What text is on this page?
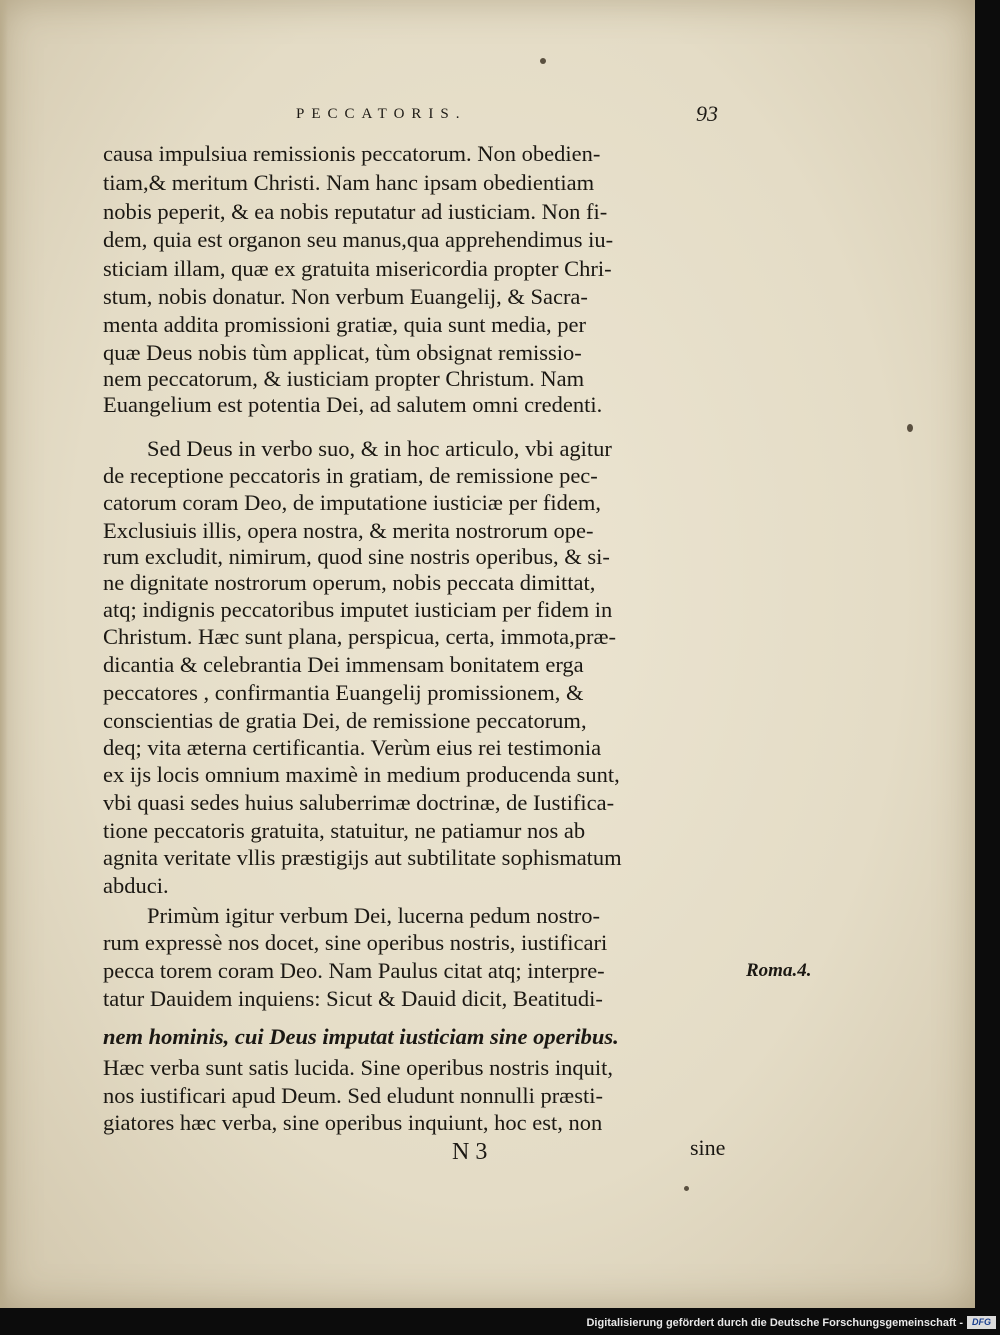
PECCATORIS.	93
causa impulsiua remissionis peccatorum. Non obedien-
tiam,& meritum Christi. Nam hanc ipsam obedientiam
nobis peperit, & ea nobis reputatur ad iusticiam. Non fi-
dem, quia est organon seu manus,qua apprehendimus iu-
sticiam illam, quæ ex gratuita misericordia propter Chri-
stum, nobis donatur. Non verbum Euangelij, & Sacra-
menta addita promissioni gratiæ, quia sunt media, per
quæ Deus nobis tùm applicat, tùm obsignat remissio-
nem peccatorum, & iusticiam propter Christum. Nam
Euangelium est potentia Dei, ad salutem omni credenti.
Sed Deus in verbo suo, & in hoc articulo, vbi agitur
de receptione peccatoris in gratiam, de remissione pec-
catorum coram Deo, de imputatione iusticiæ per fidem,
Exclusiuis illis, opera nostra, & merita nostrorum ope-
rum excludit, nimirum, quod sine nostris operibus, & si-
ne dignitate nostrorum operum, nobis peccata dimittat,
atq; indignis peccatoribus imputet iusticiam per fidem in
Christum. Hæc sunt plana, perspicua, certa, immota,præ-
dicantia & celebrantia Dei immensam bonitatem erga
peccatores , confirmantia Euangelij promissionem, &
conscientias de gratia Dei, de remissione peccatorum,
deq; vita æterna certificantia. Verùm eius rei testimonia
ex ijs locis omnium maximè in medium producenda sunt,
vbi quasi sedes huius saluberrimæ doctrinæ, de Iustifica-
tione peccatoris gratuita, statuitur, ne patiamur nos ab
agnita veritate vllis præstigijs aut subtilitate sophismatum
abduci.
Primùm igitur verbum Dei, lucerna pedum nostro-
rum expressè nos docet, sine operibus nostris, iustificari
pecca torem coram Deo. Nam Paulus citat atq; interpre-
tatur Dauidem inquiens: Sicut & Dauid dicit, Beatitudi-
nem hominis, cui Deus imputat iusticiam sine operibus.
Hæc verba sunt satis lucida. Sine operibus nostris inquit,
nos iustificari apud Deum. Sed eludunt nonnulli præsti-
giatores hæc verba, sine operibus inquiunt, hoc est, non
Roma.4.
N 3	sine
Digitalisierung gefördert durch die Deutsche Forschungsgemeinschaft -	DFG
